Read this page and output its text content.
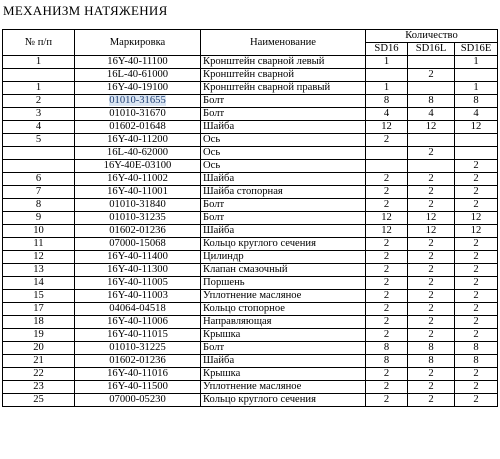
МЕХАНИЗМ НАТЯЖЕНИЯ
№ п/п	Маркировка	Наименование	Количество		
			SD16	SD16L	SD16E
1	16Y-40-11100	Кронштейн сварной левый	1		1
	16L-40-61000	Кронштейн сварной		2	
1	16Y-40-19100	Кронштейн сварной правый	1		1
2	01010-31655	Болт	8	8	8
3	01010-31670	Болт	4	4	4
4	01602-01648	Шайба	12	12	12
5	16Y-40-11200	Ось	2		
	16L-40-62000	Ось		2	
	16Y-40E-03100	Ось			2
6	16Y-40-11002	Шайба	2	2	2
7	16Y-40-11001	Шайба стопорная	2	2	2
8	01010-31840	Болт	2	2	2
9	01010-31235	Болт	12	12	12
10	01602-01236	Шайба	12	12	12
11	07000-15068	Кольцо круглого сечения	2	2	2
12	16Y-40-11400	Цилиндр	2	2	2
13	16Y-40-11300	Клапан смазочный	2	2	2
14	16Y-40-11005	Поршень	2	2	2
15	16Y-40-11003	Уплотнение масляное	2	2	2
17	04064-04518	Кольцо стопорное	2	2	2
18	16Y-40-11006	Направляющая	2	2	2
19	16Y-40-11015	Крышка	2	2	2
20	01010-31225	Болт	8	8	8
21	01602-01236	Шайба	8	8	8
22	16Y-40-11016	Крышка	2	2	2
23	16Y-40-11500	Уплотнение масляное	2	2	2
25	07000-05230	Кольцо круглого сечения	2	2	2
